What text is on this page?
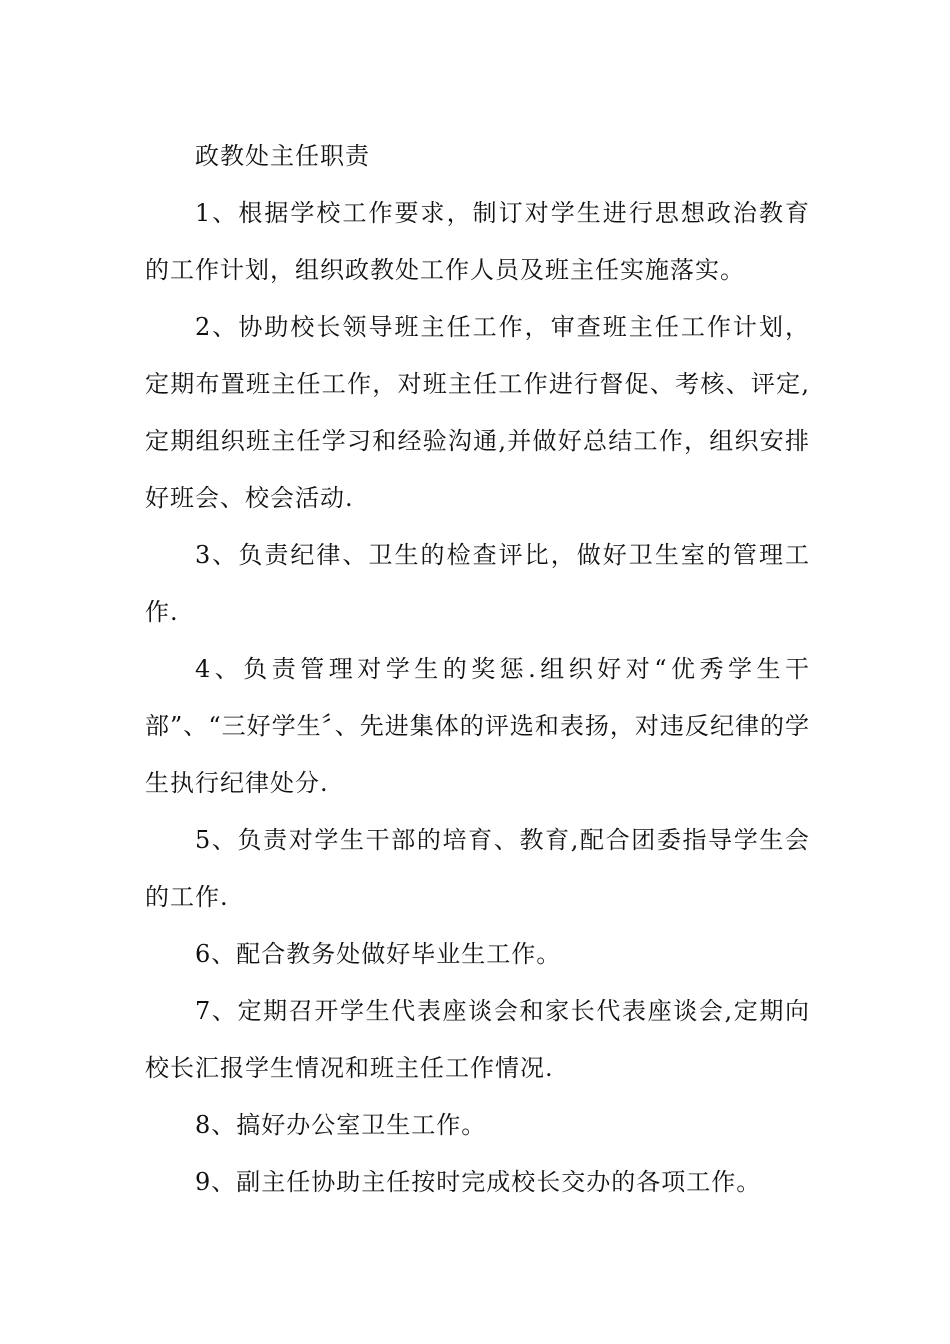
政教处主任职责

1、根据学校工作要求，制订对学生进行思想政治教育的工作计划，组织政教处工作人员及班主任实施落实。

2、协助校长领导班主任工作，审查班主任工作计划，定期布置班主任工作，对班主任工作进行督促、考核、评定,定期组织班主任学习和经验沟通,并做好总结工作，组织安排好班会、校会活动.

3、负责纪律、卫生的检查评比，做好卫生室的管理工作.

4、负责管理对学生的奖惩.组织好对“优秀学生干部”、“三好学生〞、先进集体的评选和表扬，对违反纪律的学生执行纪律处分.

5、负责对学生干部的培育、教育,配合团委指导学生会的工作.

6、配合教务处做好毕业生工作。

7、定期召开学生代表座谈会和家长代表座谈会,定期向校长汇报学生情况和班主任工作情况.

8、搞好办公室卫生工作。

9、副主任协助主任按时完成校长交办的各项工作。
